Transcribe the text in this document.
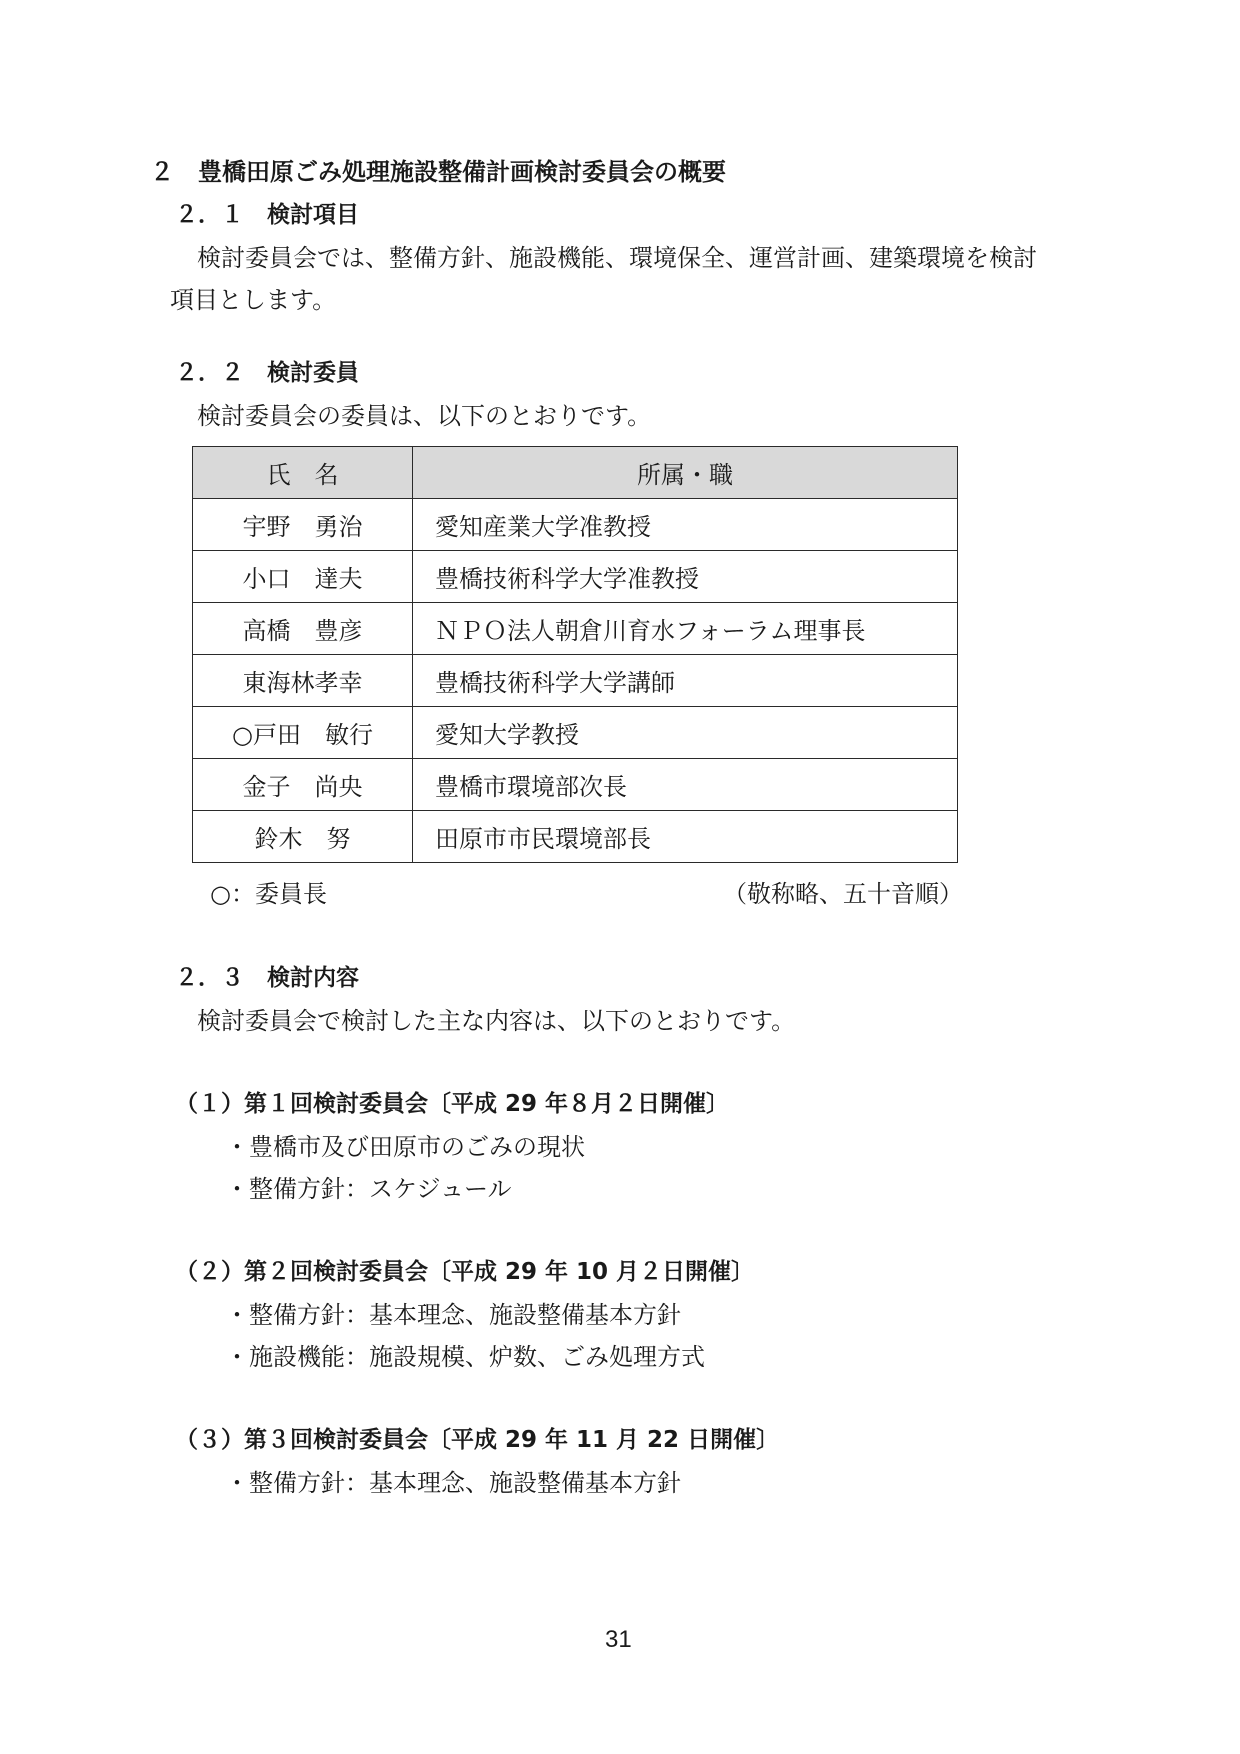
２　豊橋田原ごみ処理施設整備計画検討委員会の概要
２．１　検討項目
検討委員会では、整備方針、施設機能、環境保全、運営計画、建築環境を検討
項目とします。
２．２　検討委員
検討委員会の委員は、以下のとおりです。
氏　名	所属・職
宇野　勇治	愛知産業大学准教授
小口　達夫	豊橋技術科学大学准教授
高橋　豊彦	ＮＰＯ法人朝倉川育水フォーラム理事長
東海林孝幸	豊橋技術科学大学講師
○戸田　敏行	愛知大学教授
金子　尚央	豊橋市環境部次長
鈴木　努	田原市市民環境部長
○：委員長	（敬称略、五十音順）
２．３　検討内容
検討委員会で検討した主な内容は、以下のとおりです。
（１）第１回検討委員会〔平成 29 年８月２日開催〕
・豊橋市及び田原市のごみの現状
・整備方針：スケジュール
（２）第２回検討委員会〔平成 29 年 10 月２日開催〕
・整備方針：基本理念、施設整備基本方針
・施設機能：施設規模、炉数、ごみ処理方式
（３）第３回検討委員会〔平成 29 年 11 月 22 日開催〕
・整備方針：基本理念、施設整備基本方針
31
